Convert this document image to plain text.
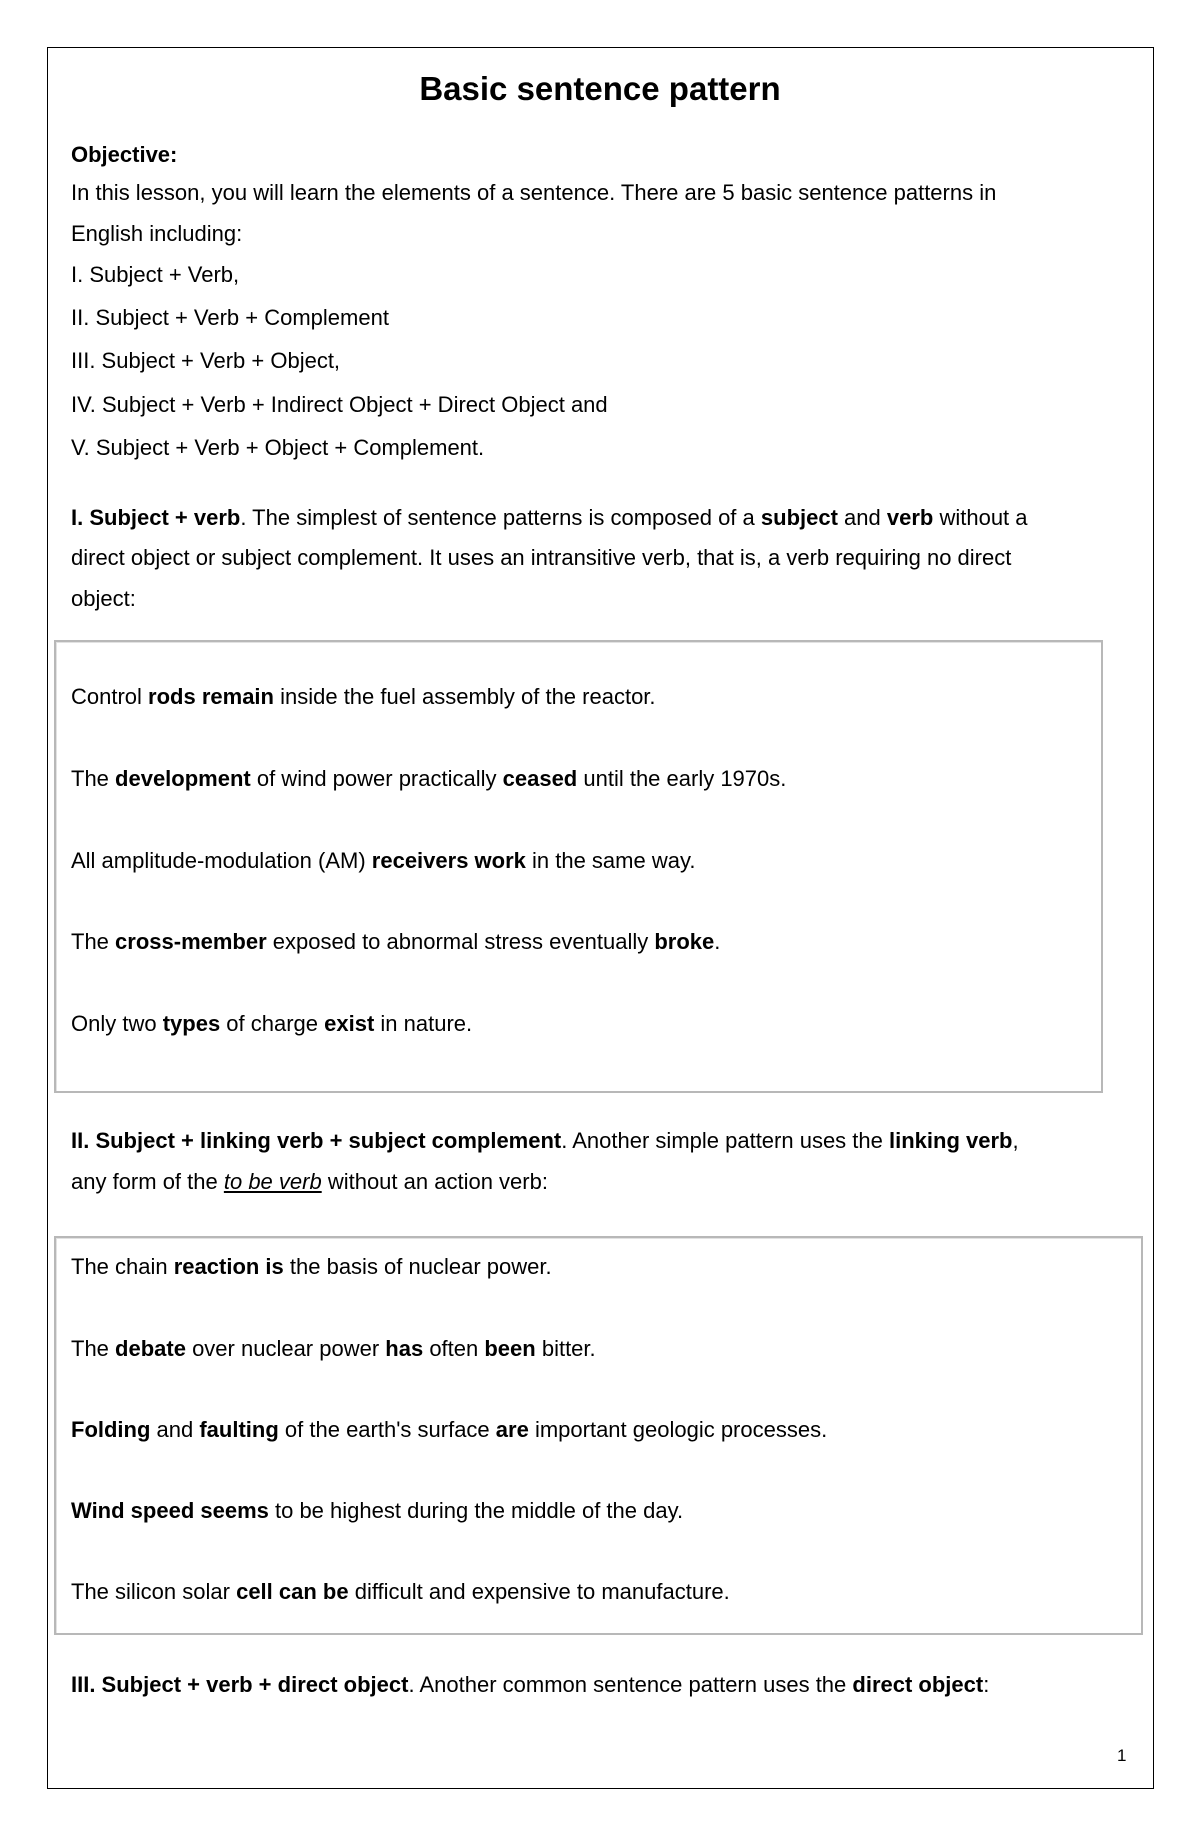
Basic sentence pattern
Objective:
In this lesson, you will learn the elements of a sentence. There are 5 basic sentence patterns in
English including:
I. Subject + Verb,
II. Subject + Verb + Complement
III. Subject + Verb + Object,
IV. Subject + Verb + Indirect Object + Direct Object and
V. Subject + Verb + Object + Complement.
I. Subject + verb. The simplest of sentence patterns is composed of a subject and verb without a
direct object or subject complement. It uses an intransitive verb, that is, a verb requiring no direct
object:
Control rods remain inside the fuel assembly of the reactor.
The development of wind power practically ceased until the early 1970s.
All amplitude-modulation (AM) receivers work in the same way.
The cross-member exposed to abnormal stress eventually broke.
Only two types of charge exist in nature.
II. Subject + linking verb + subject complement. Another simple pattern uses the linking verb,
any form of the to be verb without an action verb:
The chain reaction is the basis of nuclear power.
The debate over nuclear power has often been bitter.
Folding and faulting of the earth's surface are important geologic processes.
Wind speed seems to be highest during the middle of the day.
The silicon solar cell can be difficult and expensive to manufacture.
III. Subject + verb + direct object. Another common sentence pattern uses the direct object:
1
